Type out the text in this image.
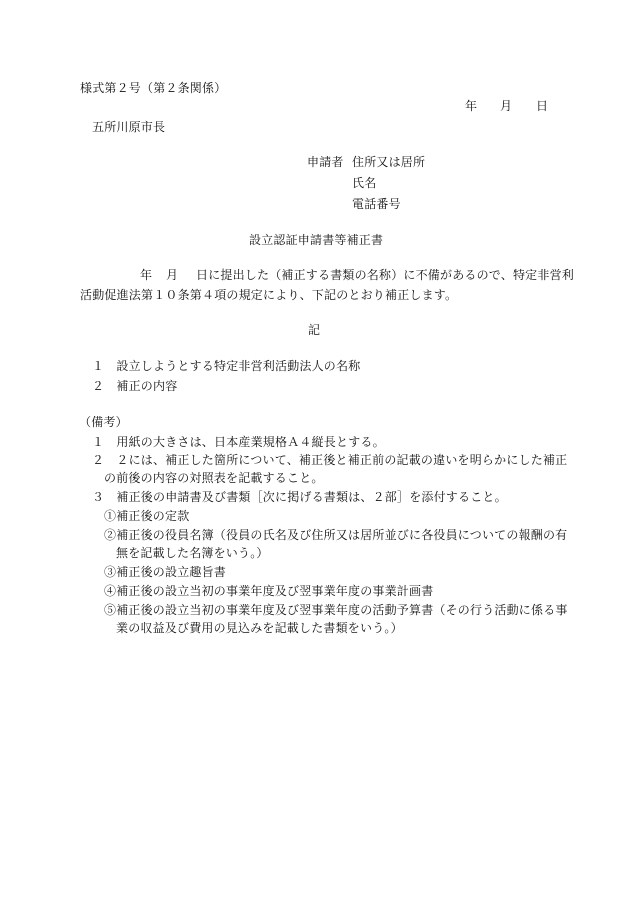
様式第２号（第２条関係）
年 月 日
五所川原市長
申請者 住所又は居所
氏名
電話番号
設立認証申請書等補正書
年 月 日に提出した（補正する書類の名称）に不備があるので、特定非営利
活動促進法第１０条第４項の規定により、下記のとおり補正します。
記
１　設立しようとする特定非営利活動法人の名称
２　補正の内容
（備考）
１　用紙の大きさは、日本産業規格Ａ４縦長とする。
２　２には、補正した箇所について、補正後と補正前の記載の違いを明らかにした補正
の前後の内容の対照表を記載すること。
３　補正後の申請書及び書類［次に掲げる書類は、２部］を添付すること。
①補正後の定款
②補正後の役員名簿（役員の氏名及び住所又は居所並びに各役員についての報酬の有
無を記載した名簿をいう。）
③補正後の設立趣旨書
④補正後の設立当初の事業年度及び翌事業年度の事業計画書
⑤補正後の設立当初の事業年度及び翌事業年度の活動予算書（その行う活動に係る事
業の収益及び費用の見込みを記載した書類をいう。）
